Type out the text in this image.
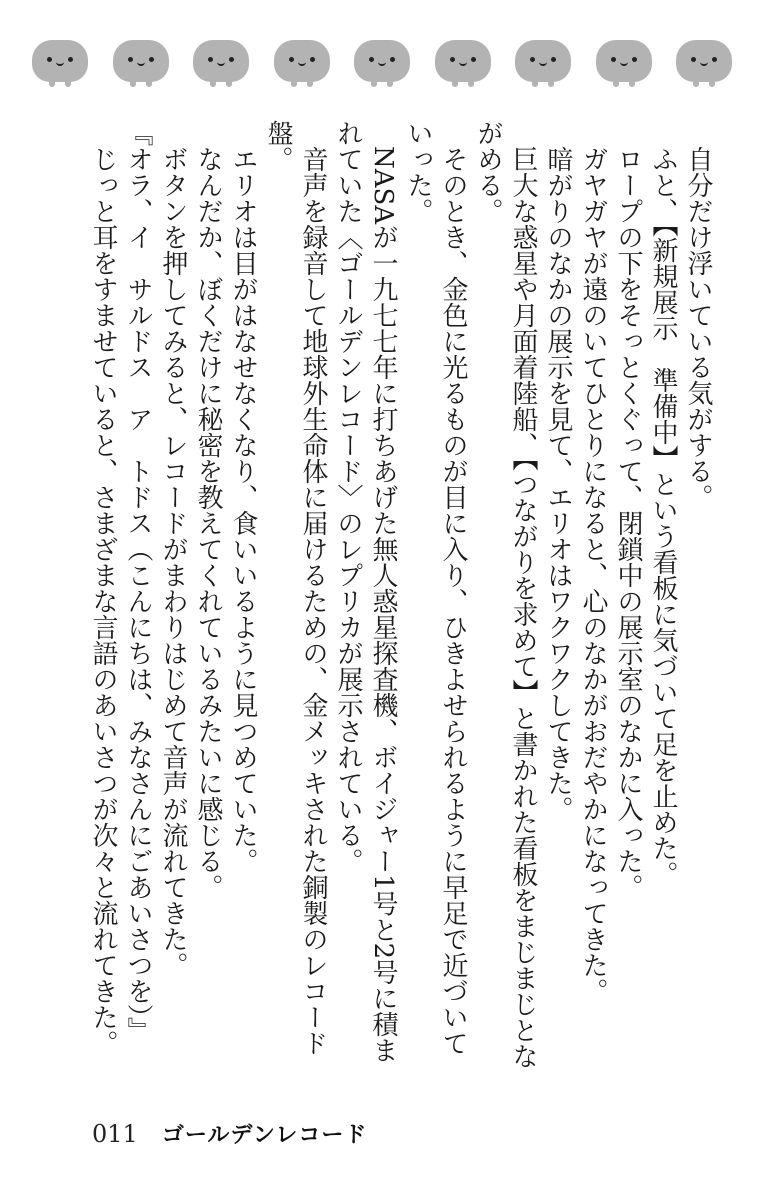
自分だけ浮いている気がする。

ふと、【新規展示　準備中】という看板に気づいて足を止めた。

ロープの下をそっとくぐって、閉鎖中の展示室のなかに入った。

ガヤガヤが遠のいてひとりになると、心のなかがおだやかになってきた。

暗がりのなかの展示を見て、エリオはワクワクしてきた。

巨大な惑星や月面着陸船、【つながりを求めて】と書かれた看板をまじまじとながめる。

そのとき、金色に光るものが目に入り、ひきよせられるように早足で近づいていった。

NASAが一九七七年に打ちあげた無人惑星探査機、ボイジャー1号と2号に積まれていた〈ゴールデンレコード〉のレプリカが展示されている。

音声を録音して地球外生命体に届けるための、金メッキされた銅製のレコード盤。

エリオは目がはなせなくなり、食いいるように見つめていた。

なんだか、ぼくだけに秘密を教えてくれているみたいに感じる。

ボタンを押してみると、レコードがまわりはじめて音声が流れてきた。

『オラ、イ　サルドス　ア　トドス（こんにちは、みなさんにごあいさつを）』

じっと耳をすませていると、さまざまな言語のあいさつが次々と流れてきた。

011 ゴールデンレコード
